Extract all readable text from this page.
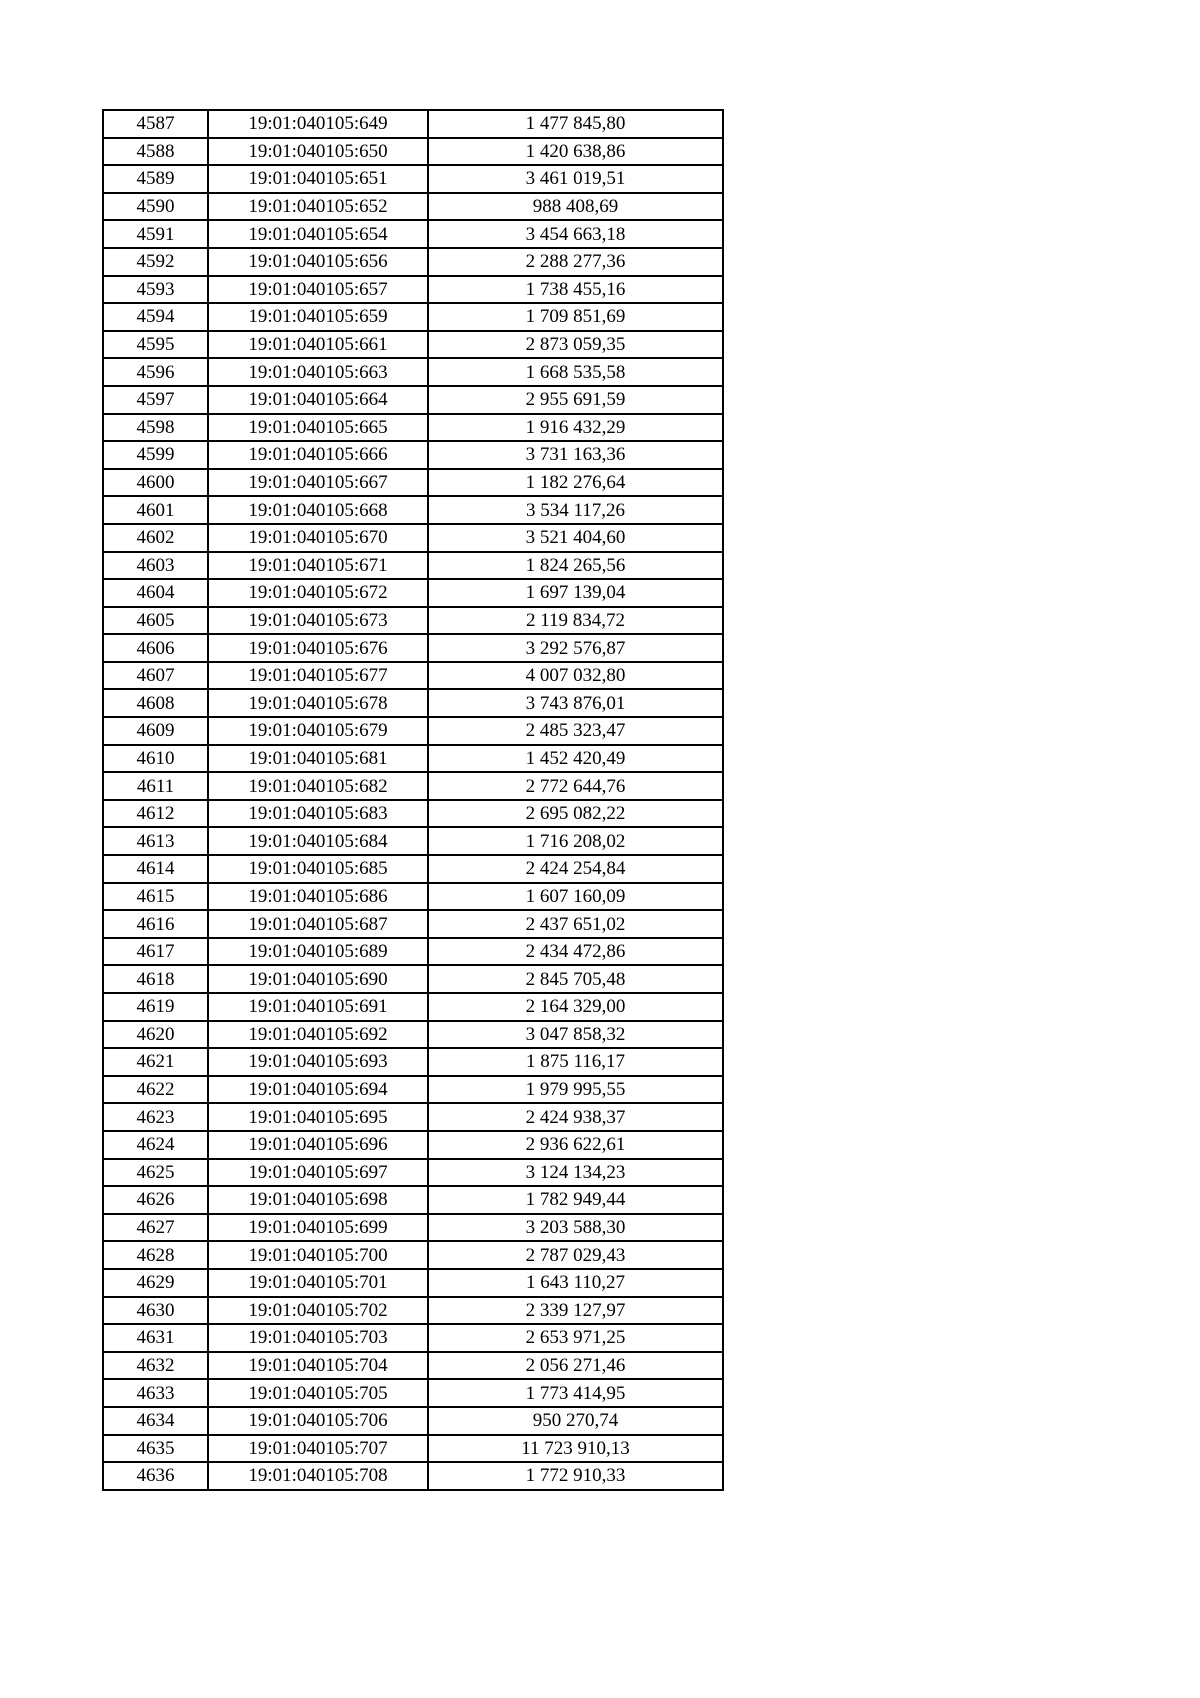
4587	19:01:040105:649	1 477 845,80
4588	19:01:040105:650	1 420 638,86
4589	19:01:040105:651	3 461 019,51
4590	19:01:040105:652	988 408,69
4591	19:01:040105:654	3 454 663,18
4592	19:01:040105:656	2 288 277,36
4593	19:01:040105:657	1 738 455,16
4594	19:01:040105:659	1 709 851,69
4595	19:01:040105:661	2 873 059,35
4596	19:01:040105:663	1 668 535,58
4597	19:01:040105:664	2 955 691,59
4598	19:01:040105:665	1 916 432,29
4599	19:01:040105:666	3 731 163,36
4600	19:01:040105:667	1 182 276,64
4601	19:01:040105:668	3 534 117,26
4602	19:01:040105:670	3 521 404,60
4603	19:01:040105:671	1 824 265,56
4604	19:01:040105:672	1 697 139,04
4605	19:01:040105:673	2 119 834,72
4606	19:01:040105:676	3 292 576,87
4607	19:01:040105:677	4 007 032,80
4608	19:01:040105:678	3 743 876,01
4609	19:01:040105:679	2 485 323,47
4610	19:01:040105:681	1 452 420,49
4611	19:01:040105:682	2 772 644,76
4612	19:01:040105:683	2 695 082,22
4613	19:01:040105:684	1 716 208,02
4614	19:01:040105:685	2 424 254,84
4615	19:01:040105:686	1 607 160,09
4616	19:01:040105:687	2 437 651,02
4617	19:01:040105:689	2 434 472,86
4618	19:01:040105:690	2 845 705,48
4619	19:01:040105:691	2 164 329,00
4620	19:01:040105:692	3 047 858,32
4621	19:01:040105:693	1 875 116,17
4622	19:01:040105:694	1 979 995,55
4623	19:01:040105:695	2 424 938,37
4624	19:01:040105:696	2 936 622,61
4625	19:01:040105:697	3 124 134,23
4626	19:01:040105:698	1 782 949,44
4627	19:01:040105:699	3 203 588,30
4628	19:01:040105:700	2 787 029,43
4629	19:01:040105:701	1 643 110,27
4630	19:01:040105:702	2 339 127,97
4631	19:01:040105:703	2 653 971,25
4632	19:01:040105:704	2 056 271,46
4633	19:01:040105:705	1 773 414,95
4634	19:01:040105:706	950 270,74
4635	19:01:040105:707	11 723 910,13
4636	19:01:040105:708	1 772 910,33
